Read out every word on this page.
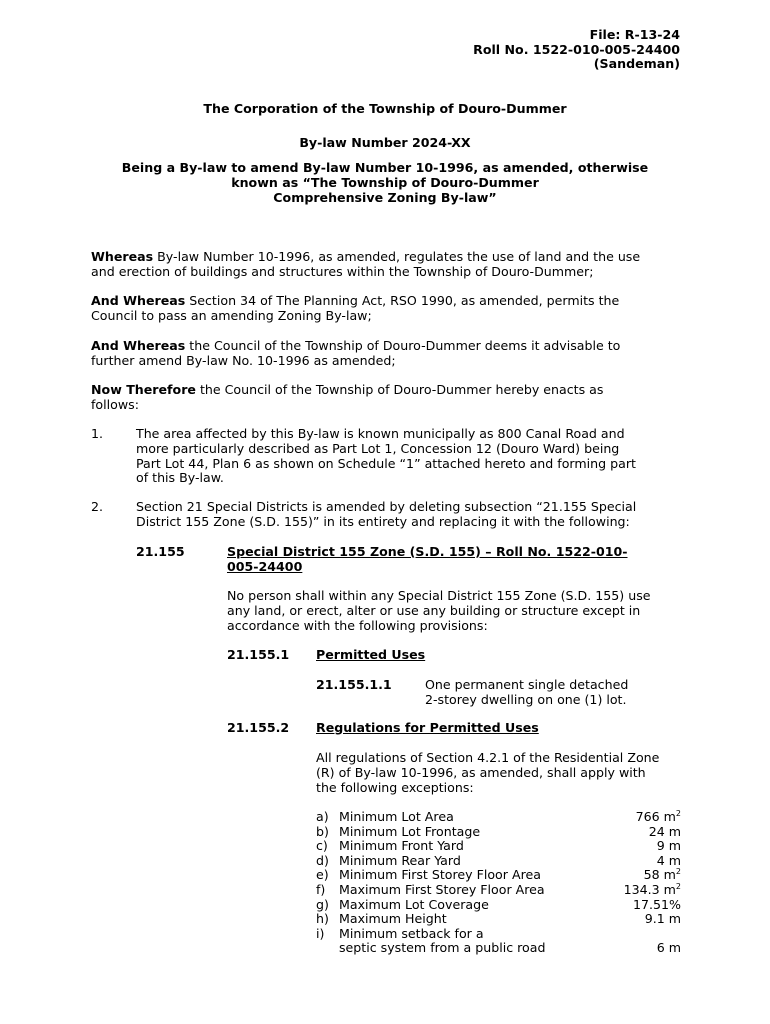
File: R-13-24
Roll No. 1522-010-005-24400
(Sandeman)
The Corporation of the Township of Douro-Dummer
By-law Number 2024-XX
Being a By-law to amend By-law Number 10-1996, as amended, otherwise
known as “The Township of Douro-Dummer
Comprehensive Zoning By-law”
Whereas By-law Number 10-1996, as amended, regulates the use of land and the use
and erection of buildings and structures within the Township of Douro-Dummer;
And Whereas Section 34 of The Planning Act, RSO 1990, as amended, permits the
Council to pass an amending Zoning By-law;
And Whereas the Council of the Township of Douro-Dummer deems it advisable to
further amend By-law No. 10-1996 as amended;
Now Therefore the Council of the Township of Douro-Dummer hereby enacts as
follows:
1.	The area affected by this By-law is known municipally as 800 Canal Road and
more particularly described as Part Lot 1, Concession 12 (Douro Ward) being
Part Lot 44, Plan 6 as shown on Schedule “1” attached hereto and forming part
of this By-law.
2.	Section 21 Special Districts is amended by deleting subsection “21.155 Special
District 155 Zone (S.D. 155)” in its entirety and replacing it with the following:
21.155	Special District 155 Zone (S.D. 155) – Roll No. 1522-010-
005-24400
No person shall within any Special District 155 Zone (S.D. 155) use
any land, or erect, alter or use any building or structure except in
accordance with the following provisions:
21.155.1 Permitted Uses
21.155.1.1	One permanent single detached
2-storey dwelling on one (1) lot.
21.155.2 Regulations for Permitted Uses
All regulations of Section 4.2.1 of the Residential Zone
(R) of By-law 10-1996, as amended, shall apply with
the following exceptions:
a) Minimum Lot Area	766 $m^2$
b) Minimum Lot Frontage	24 m
c) Minimum Front Yard	9 m
d) Minimum Rear Yard	4 m
e) Minimum First Storey Floor Area	58 $m^2$
f) Maximum First Storey Floor Area	134.3 $m^2$
g) Maximum Lot Coverage	17.51%
h) Maximum Height	9.1 m
i) Minimum setback for a
septic system from a public road	6 m
